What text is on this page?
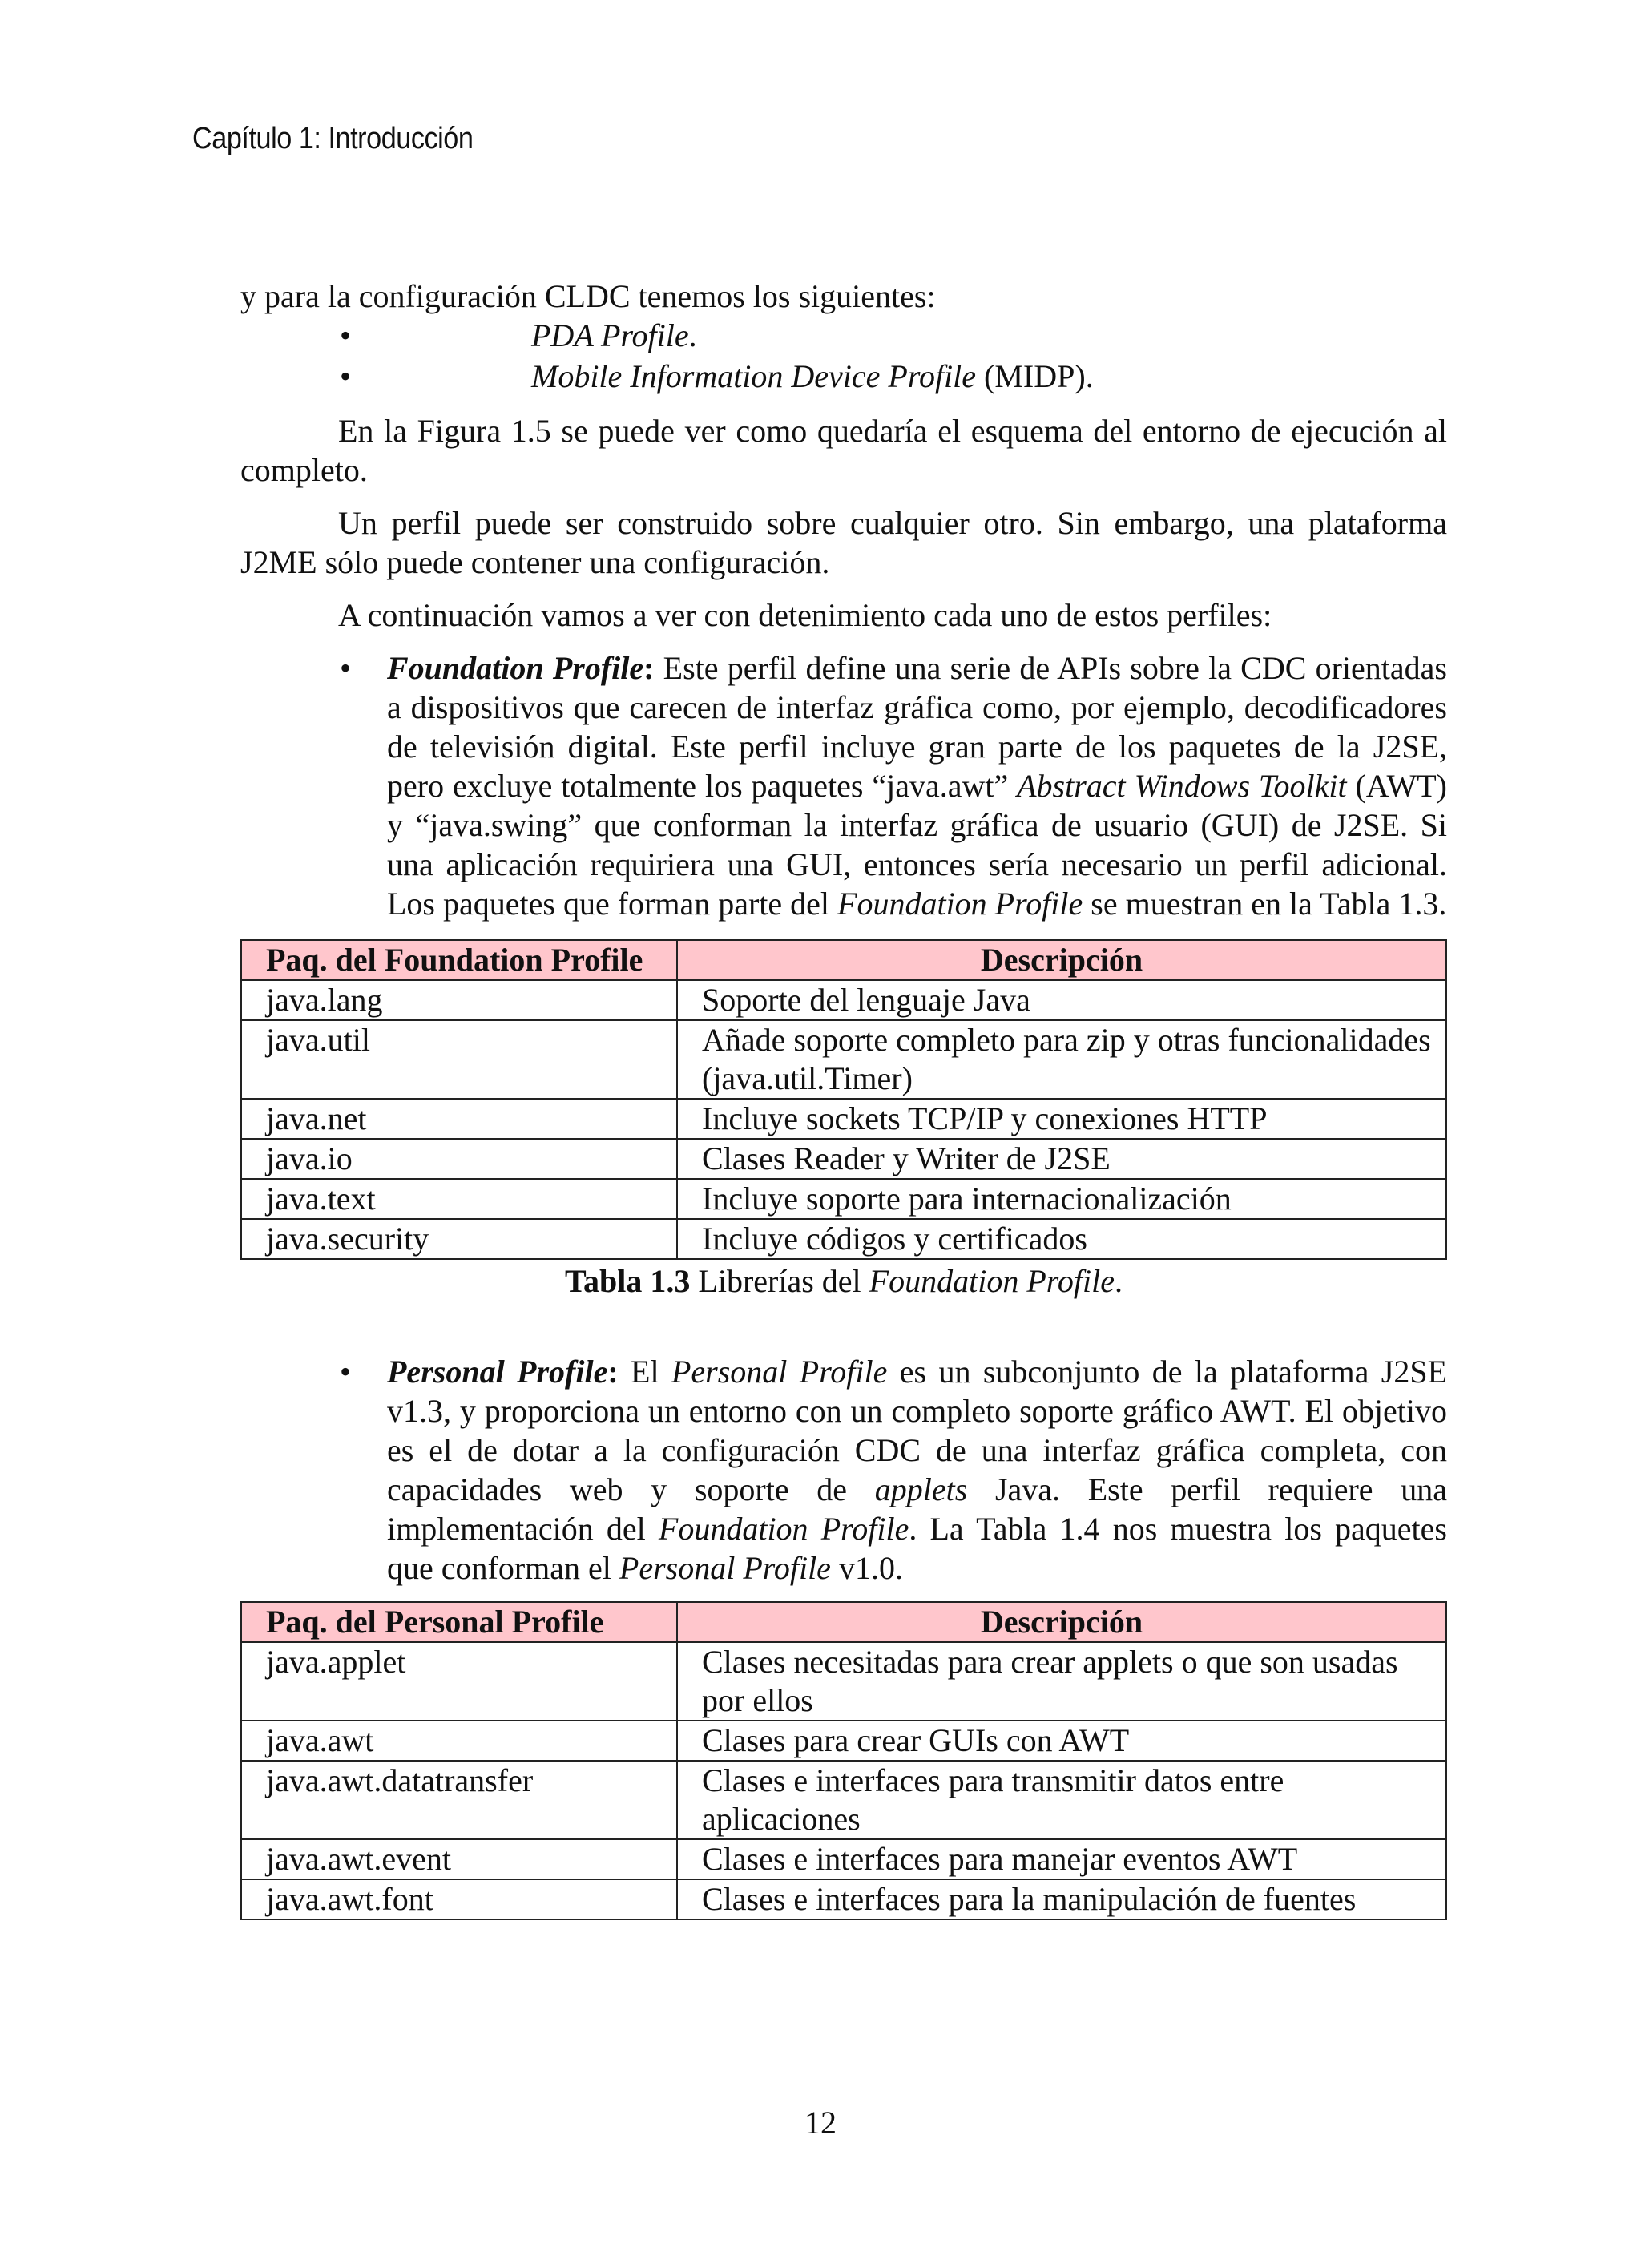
Capítulo 1: Introducción

y para la configuración CLDC tenemos los siguientes:

•	PDA Profile.
•	Mobile Information Device Profile (MIDP).

En la Figura 1.5 se puede ver como quedaría el esquema del entorno de ejecución al completo.

Un perfil puede ser construido sobre cualquier otro. Sin embargo, una plataforma J2ME sólo puede contener una configuración.

A continuación vamos a ver con detenimiento cada uno de estos perfiles:

• Foundation Profile: Este perfil define una serie de APIs sobre la CDC orientadas a dispositivos que carecen de interfaz gráfica como, por ejemplo, decodificadores de televisión digital. Este perfil incluye gran parte de los paquetes de la J2SE, pero excluye totalmente los paquetes “java.awt” Abstract Windows Toolkit (AWT) y “java.swing” que conforman la interfaz gráfica de usuario (GUI) de J2SE. Si una aplicación requiriera una GUI, entonces sería necesario un perfil adicional. Los paquetes que forman parte del Foundation Profile se muestran en la Tabla 1.3.
Paq. del Foundation Profile	Descripción
java.lang	Soporte del lenguaje Java
java.util	Añade soporte completo para zip y otras funcionalidades (java.util.Timer)
java.net	Incluye sockets TCP/IP y conexiones HTTP
java.io	Clases Reader y Writer de J2SE
java.text	Incluye soporte para internacionalización
java.security	Incluye códigos y certificados
Tabla 1.3 Librerías del Foundation Profile.
• Personal Profile: El Personal Profile es un subconjunto de la plataforma J2SE v1.3, y proporciona un entorno con un completo soporte gráfico AWT. El objetivo es el de dotar a la configuración CDC de una interfaz gráfica completa, con capacidades web y soporte de applets Java. Este perfil requiere una implementación del Foundation Profile. La Tabla 1.4 nos muestra los paquetes que conforman el Personal Profile v1.0.
Paq. del Personal Profile	Descripción
java.applet	Clases necesitadas para crear applets o que son usadas por ellos
java.awt	Clases para crear GUIs con AWT
java.awt.datatransfer	Clases e interfaces para transmitir datos entre aplicaciones
java.awt.event	Clases e interfaces para manejar eventos AWT
java.awt.font	Clases e interfaces para la manipulación de fuentes
12
